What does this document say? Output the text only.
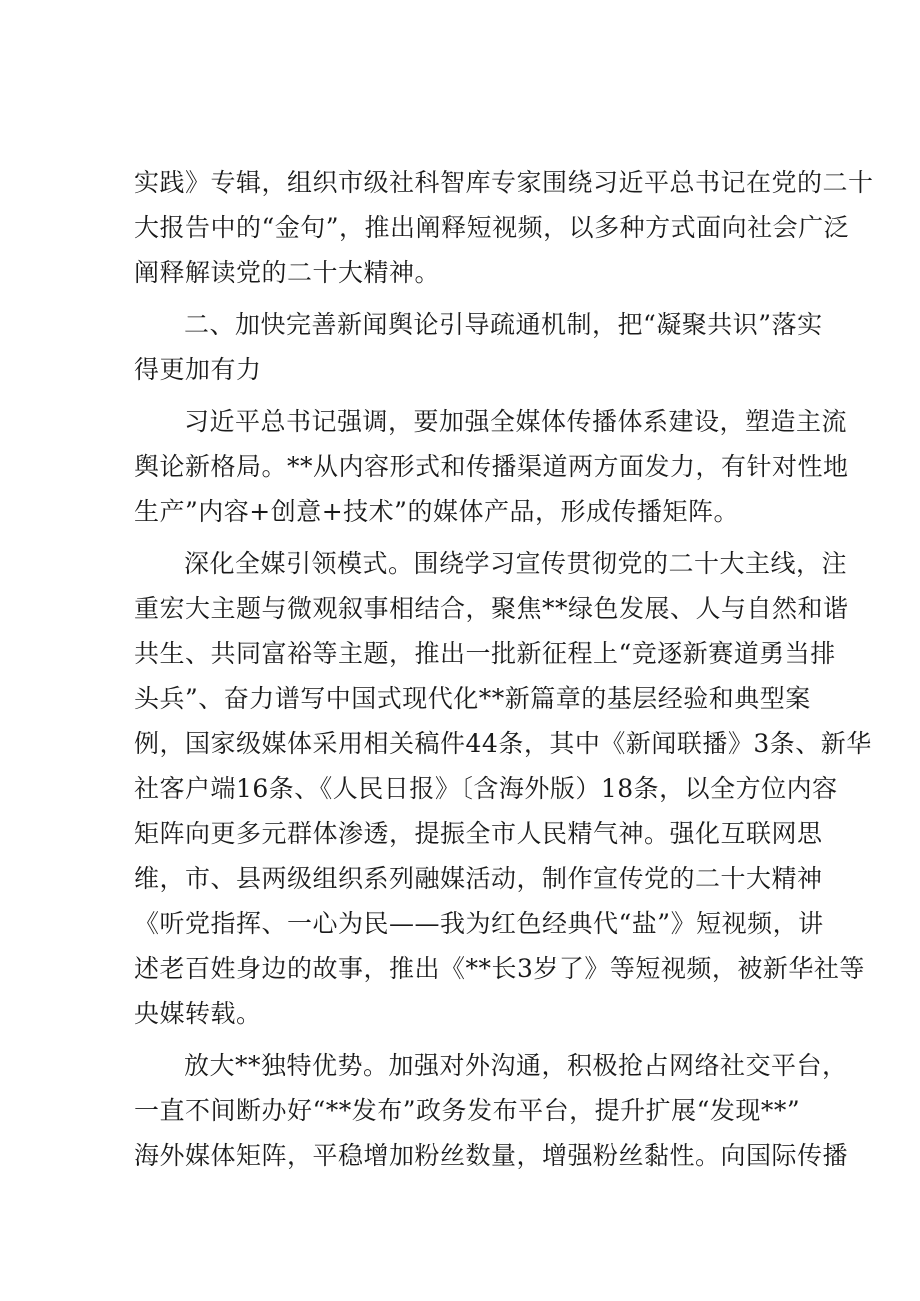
实践》专辑，组织市级社科智库专家围绕习近平总书记在党的二十

大报告中的“金句”，推出阐释短视频，以多种方式面向社会广泛

阐释解读党的二十大精神。

二、加快完善新闻舆论引导疏通机制，把“凝聚共识”落实

得更加有力

习近平总书记强调，要加强全媒体传播体系建设，塑造主流

舆论新格局。**从内容形式和传播渠道两方面发力，有针对性地

生产”内容+创意+技术”的媒体产品，形成传播矩阵。

深化全媒引领模式。围绕学习宣传贯彻党的二十大主线，注

重宏大主题与微观叙事相结合，聚焦**绿色发展、人与自然和谐

共生、共同富裕等主题，推出一批新征程上“竞逐新赛道勇当排

头兵”、奋力谱写中国式现代化**新篇章的基层经验和典型案

例，国家级媒体采用相关稿件44条，其中《新闻联播》3条、新华

社客户端16条、《人民日报》〔含海外版）18条，以全方位内容

矩阵向更多元群体渗透，提振全市人民精气神。强化互联网思

维，市、县两级组织系列融媒活动，制作宣传党的二十大精神

《听党指挥、一心为民——我为红色经典代“盐”》短视频，讲

述老百姓身边的故事，推出《**长3岁了》等短视频，被新华社等

央媒转载。

放大**独特优势。加强对外沟通，积极抢占网络社交平台，

一直不间断办好“**发布”政务发布平台，提升扩展“发现**”

海外媒体矩阵，平稳增加粉丝数量，增强粉丝黏性。向国际传播
